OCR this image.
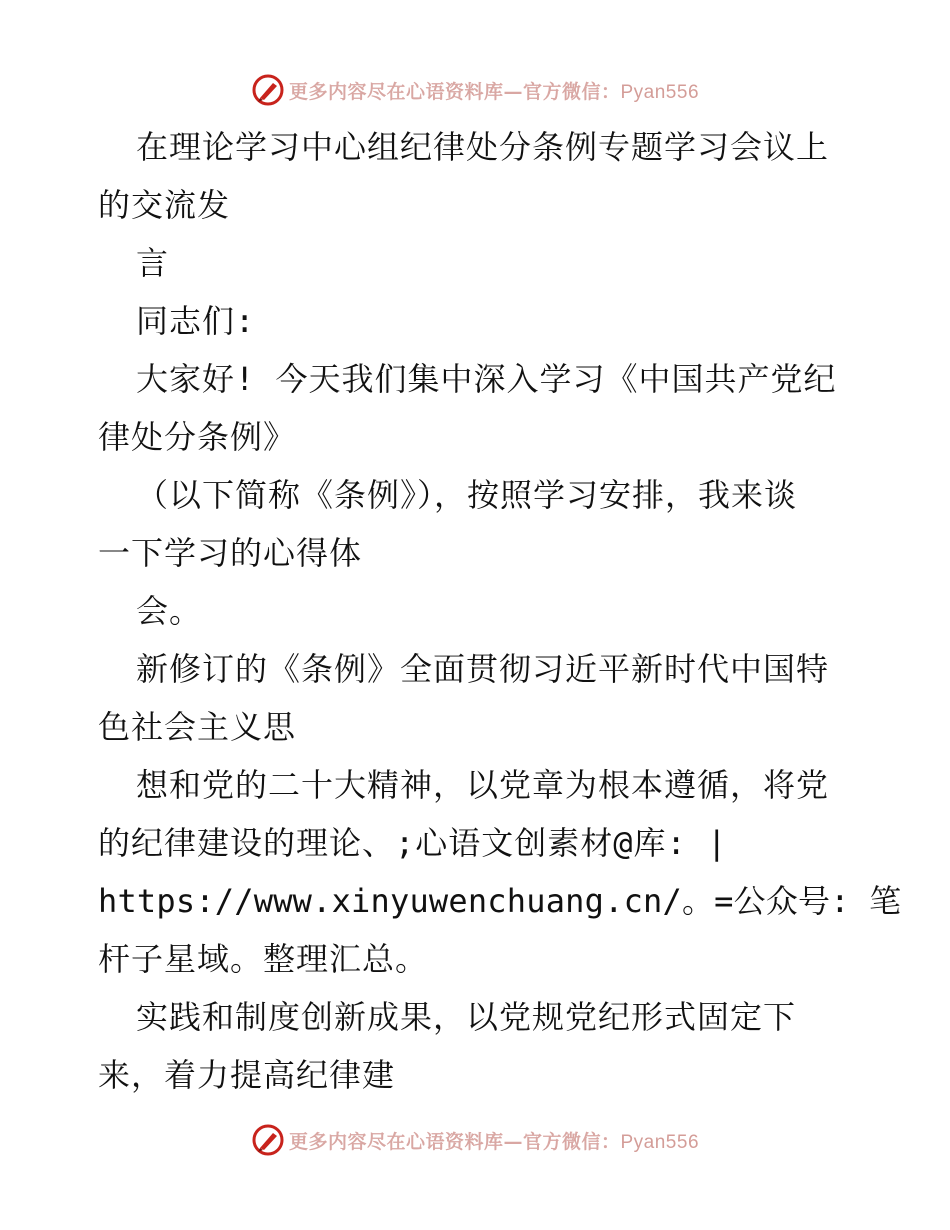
更多内容尽在心语资料库—官方微信：Pyan556
在理论学习中心组纪律处分条例专题学习会议上
的交流发
言
同志们:
大家好! 今天我们集中深入学习《中国共产党纪
律处分条例》
（以下简称《条例》），按照学习安排，我来谈
一下学习的心得体
会。
新修订的《条例》全面贯彻习近平新时代中国特
色社会主义思
想和党的二十大精神，以党章为根本遵循，将党
的纪律建设的理论、;心语文创素材@库: |
https://www.xinyuwenchuang.cn/。=公众号: 笔
杆子星域。整理汇总。
实践和制度创新成果，以党规党纪形式固定下
来，着力提高纪律建
更多内容尽在心语资料库—官方微信：Pyan556
